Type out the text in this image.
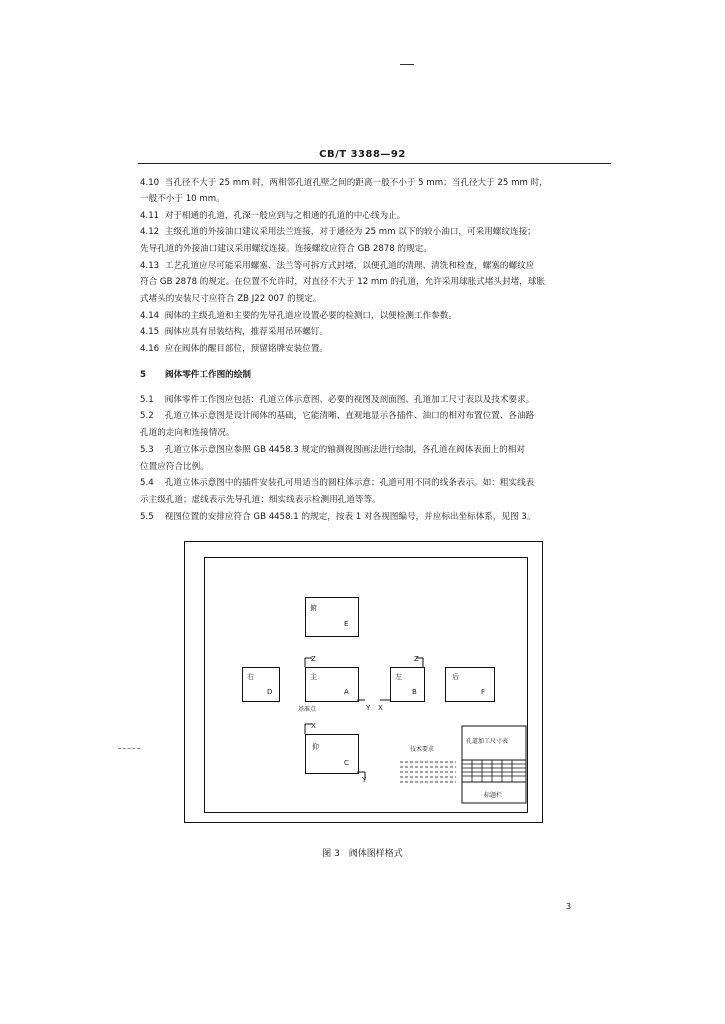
CB/T 3388—92
4.10 当孔径不大于 25 mm 时，两相邻孔道孔壁之间的距离一般不小于 5 mm；当孔径大于 25 mm 时，
一般不小于 10 mm。
4.11 对于相通的孔道，孔深一般应到与之相通的孔道的中心线为止。
4.12 主级孔道的外接油口建议采用法兰连接，对于通径为 25 mm 以下的较小油口，可采用螺纹连接；
先导孔道的外接油口建议采用螺纹连接。连接螺纹应符合 GB 2878 的规定。
4.13 工艺孔道应尽可能采用螺塞、法兰等可拆方式封堵，以便孔道的清理、清洗和检查，螺塞的螺纹应
符合 GB 2878 的规定。在位置不允许时，对直径不大于 12 mm 的孔道，允许采用球胀式堵头封堵，球胀
式堵头的安装尺寸应符合 ZB J22 007 的规定。
4.14 阀体的主级孔道和主要的先导孔道应设置必要的检测口，以便检测工作参数。
4.15 阀体应具有吊装结构，推荐采用吊环螺钉。
4.16 应在阀体的醒目部位，预留铭牌安装位置。
5 阀体零件工作图的绘制
5.1 阀体零件工作图应包括：孔道立体示意图、必要的视图及剖面图、孔道加工尺寸表以及技术要求。
5.2 孔道立体示意图是设计阀体的基础，它能清晰、直观地显示各插件、油口的相对布置位置、各油路
孔道的走向和连接情况。
5.3 孔道立体示意图应参照 GB 4458.3 规定的轴测视图画法进行绘制，各孔道在阀体表面上的相对
位置应符合比例。
5.4 孔道立体示意图中的插件安装孔可用适当的圆柱体示意；孔道可用不同的线条表示。如：粗实线表
示主级孔道；虚线表示先导孔道；细实线表示检测用孔道等等。
5.5 视图位置的安排应符合 GB 4458.1 的规定，按表 1 对各视图编号，并应标出坐标体系，见图 3。
俯
E
右
D
主
A
左
B
后
F
仰
C
Z	Z
Y X
基准点
X
Y
技术要求
孔道加工尺寸表
标题栏
图 3　阀体图样格式
3
